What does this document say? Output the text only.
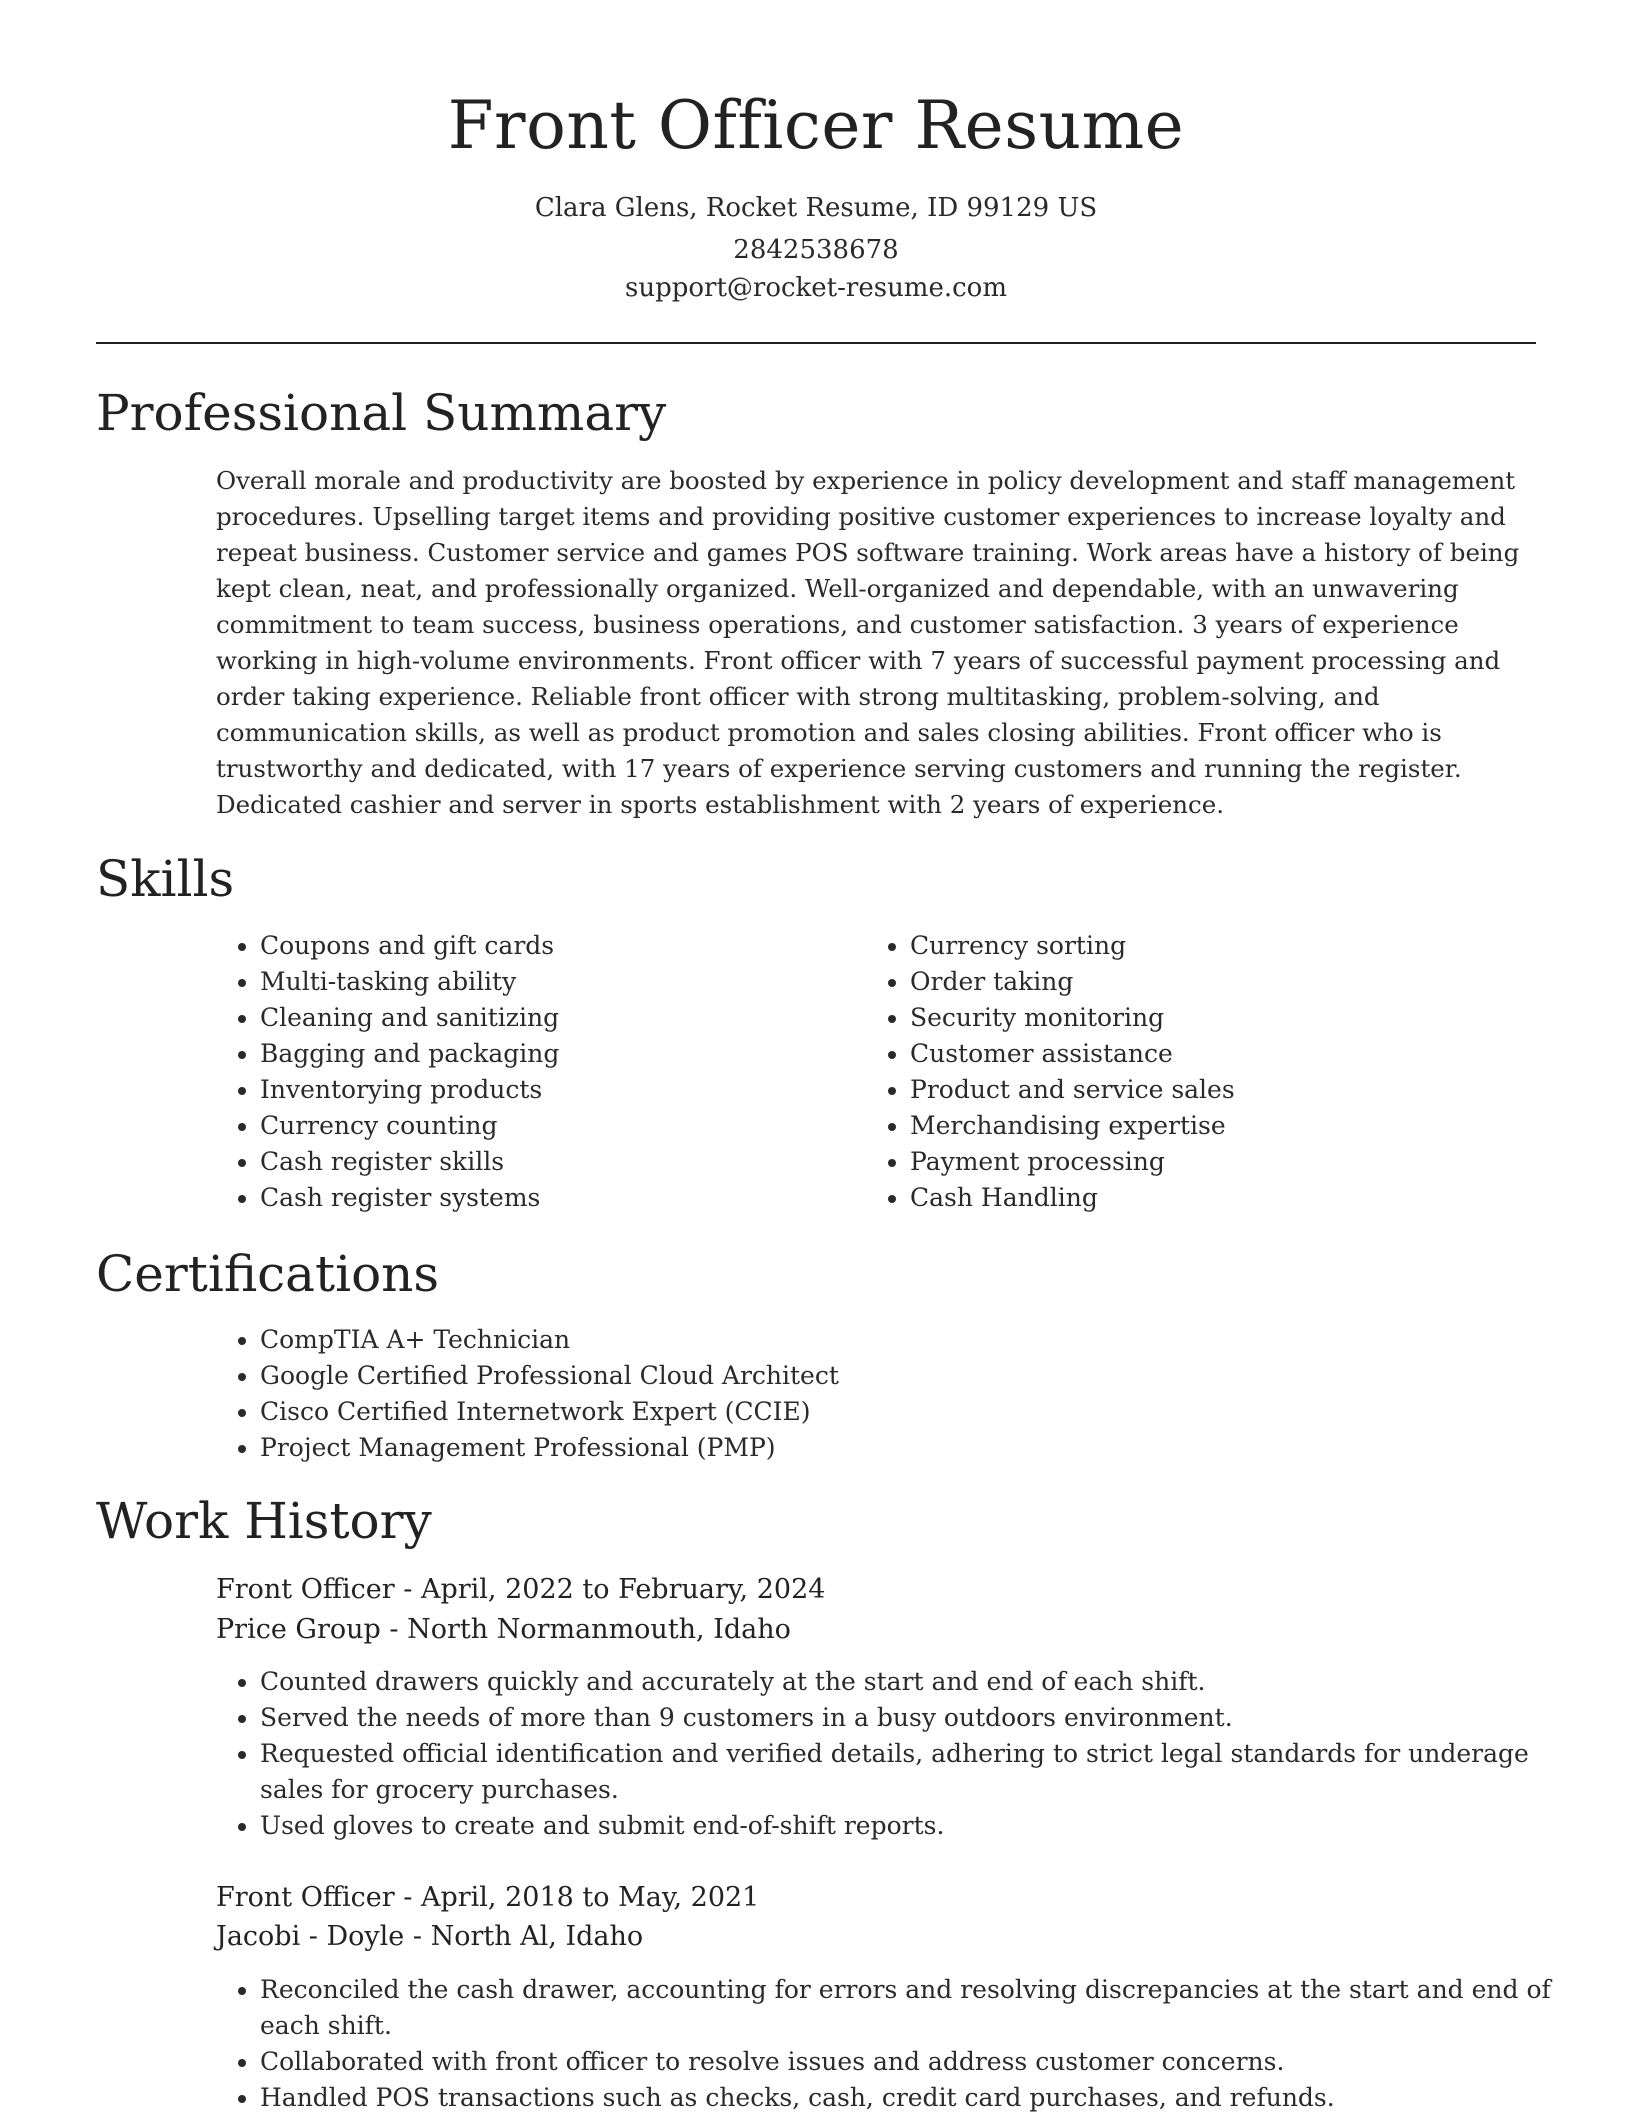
Front Officer Resume
Clara Glens, Rocket Resume, ID 99129 US
2842538678
support@rocket-resume.com
Professional Summary

Overall morale and productivity are boosted by experience in policy development and staff management procedures. Upselling target items and providing positive customer experiences to increase loyalty and repeat business. Customer service and games POS software training. Work areas have a history of being kept clean, neat, and professionally organized. Well-organized and dependable, with an unwavering commitment to team success, business operations, and customer satisfaction. 3 years of experience working in high-volume environments. Front officer with 7 years of successful payment processing and order taking experience. Reliable front officer with strong multitasking, problem-solving, and communication skills, as well as product promotion and sales closing abilities. Front officer who is trustworthy and dedicated, with 17 years of experience serving customers and running the register. Dedicated cashier and server in sports establishment with 2 years of experience.

Skills
• Coupons and gift cards
• Multi-tasking ability
• Cleaning and sanitizing
• Bagging and packaging
• Inventorying products
• Currency counting
• Cash register skills
• Cash register systems
• Currency sorting
• Order taking
• Security monitoring
• Customer assistance
• Product and service sales
• Merchandising expertise
• Payment processing
• Cash Handling
Certifications
• CompTIA A+ Technician
• Google Certified Professional Cloud Architect
• Cisco Certified Internetwork Expert (CCIE)
• Project Management Professional (PMP)
Work History
Front Officer - April, 2022 to February, 2024
Price Group - North Normanmouth, Idaho
• Counted drawers quickly and accurately at the start and end of each shift.
• Served the needs of more than 9 customers in a busy outdoors environment.
• Requested official identification and verified details, adhering to strict legal standards for underage sales for grocery purchases.
• Used gloves to create and submit end-of-shift reports.
Front Officer - April, 2018 to May, 2021
Jacobi - Doyle - North Al, Idaho
• Reconciled the cash drawer, accounting for errors and resolving discrepancies at the start and end of each shift.
• Collaborated with front officer to resolve issues and address customer concerns.
• Handled POS transactions such as checks, cash, credit card purchases, and refunds.
